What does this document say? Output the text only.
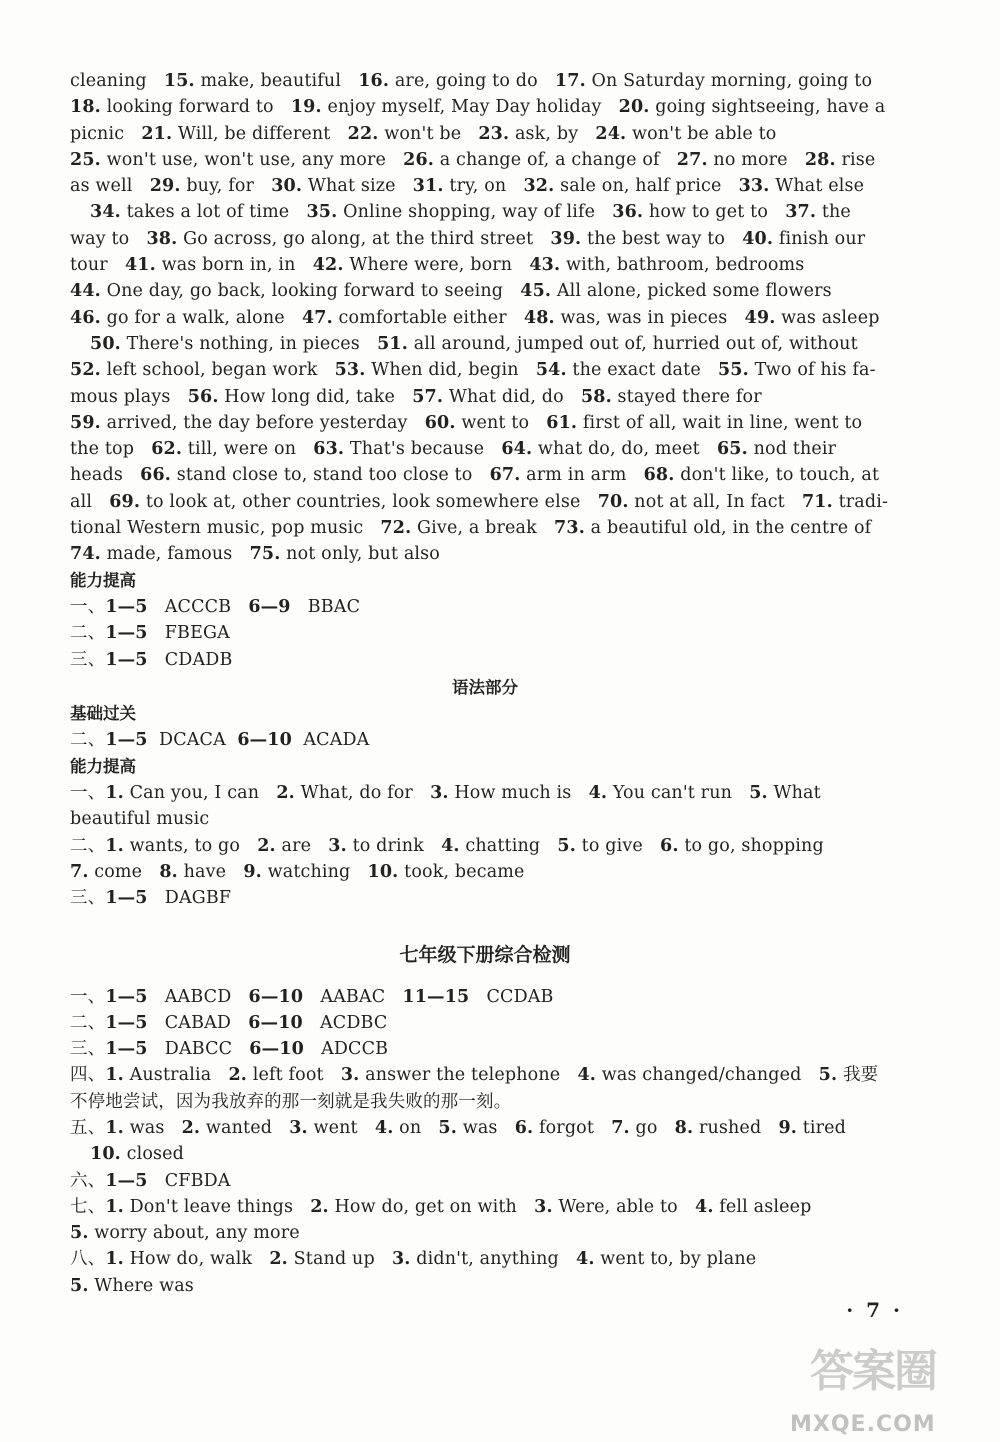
cleaning   15. make, beautiful   16. are, going to do   17. On Saturday morning, going to
18. looking forward to   19. enjoy myself, May Day holiday   20. going sightseeing, have a
picnic   21. Will, be different   22. won't be   23. ask, by   24. won't be able to
25. won't use, won't use, any more   26. a change of, a change of   27. no more   28. rise
as well   29. buy, for   30. What size   31. try, on   32. sale on, half price   33. What else
34. takes a lot of time   35. Online shopping, way of life   36. how to get to   37. the
way to   38. Go across, go along, at the third street   39. the best way to   40. finish our
tour   41. was born in, in   42. Where were, born   43. with, bathroom, bedrooms
44. One day, go back, looking forward to seeing   45. All alone, picked some flowers
46. go for a walk, alone   47. comfortable either   48. was, was in pieces   49. was asleep
50. There's nothing, in pieces   51. all around, jumped out of, hurried out of, without
52. left school, began work   53. When did, begin   54. the exact date   55. Two of his fa-
mous plays   56. How long did, take   57. What did, do   58. stayed there for
59. arrived, the day before yesterday   60. went to   61. first of all, wait in line, went to
the top   62. till, were on   63. That's because   64. what do, do, meet   65. nod their
heads   66. stand close to, stand too close to   67. arm in arm   68. don't like, to touch, at
all   69. to look at, other countries, look somewhere else   70. not at all, In fact   71. tradi-
tional Western music, pop music   72. Give, a break   73. a beautiful old, in the centre of
74. made, famous   75. not only, but also
能力提高
一、1—5   ACCCB   6—9   BBAC
二、1—5   FBEGA
三、1—5   CDADB
语法部分
基础过关
二、1—5  DCACA  6—10  ACADA
能力提高
一、1. Can you, I can   2. What, do for   3. How much is   4. You can't run   5. What
beautiful music
二、1. wants, to go   2. are   3. to drink   4. chatting   5. to give   6. to go, shopping
7. come   8. have   9. watching   10. took, became
三、1—5   DAGBF
七年级下册综合检测
一、1—5   AABCD   6—10   AABAC   11—15   CCDAB
二、1—5   CABAD   6—10   ACDBC
三、1—5   DABCC   6—10   ADCCB
四、1. Australia   2. left foot   3. answer the telephone   4. was changed/changed   5. 我要
不停地尝试，因为我放弃的那一刻就是我失败的那一刻。
五、1. was   2. wanted   3. went   4. on   5. was   6. forgot   7. go   8. rushed   9. tired
10. closed
六、1—5   CFBDA
七、1. Don't leave things   2. How do, get on with   3. Were, able to   4. fell asleep
5. worry about, any more
八、1. How do, walk   2. Stand up   3. didn't, anything   4. went to, by plane
5. Where was
· 7 ·
答案圈
MXQE.COM
